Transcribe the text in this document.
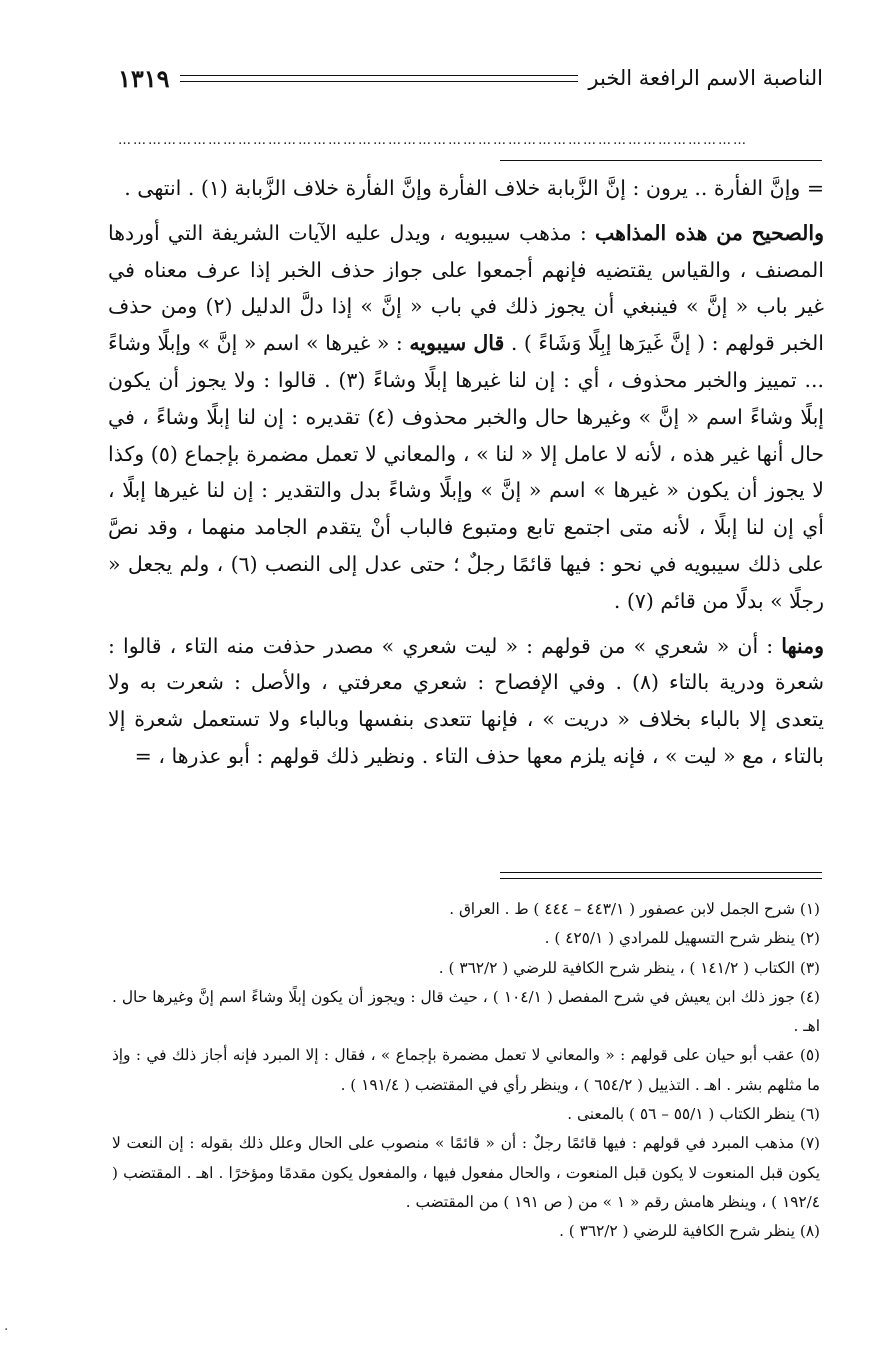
الناصبة الاسم الرافعة الخبر
١٣١٩
………………………………………………………………………………………………………………

= وإنَّ الفأرة .. يرون : إنَّ الزَّبابة خلاف الفأرة وإنَّ الفأرة خلاف الزَّبابة (١) . انتهى .

والصحيح من هذه المذاهب : مذهب سيبويه ، ويدل عليه الآيات الشريفة التي أوردها المصنف ، والقياس يقتضيه فإنهم أجمعوا على جواز حذف الخبر إذا عرف معناه في غير باب « إنَّ » فينبغي أن يجوز ذلك في باب « إنَّ » إذا دلَّ الدليل (٢) ومن حذف الخبر قولهم : ( إنَّ غَيرَها إبِلًا وَشَاءً ) . قال سيبويه : « غيرها » اسم « إنَّ » وإبلًا وشاءً ... تمييز والخبر محذوف ، أي : إن لنا غيرها إبلًا وشاءً (٣) . قالوا : ولا يجوز أن يكون إبلًا وشاءً اسم « إنَّ » وغيرها حال والخبر محذوف (٤) تقديره : إن لنا إبلًا وشاءً ، في حال أنها غير هذه ، لأنه لا عامل إلا « لنا » ، والمعاني لا تعمل مضمرة بإجماع (٥) وكذا لا يجوز أن يكون « غيرها » اسم « إنَّ » وإبلًا وشاءً بدل والتقدير : إن لنا غيرها إبلًا ، أي إن لنا إبلًا ، لأنه متى اجتمع تابع ومتبوع فالباب أنْ يتقدم الجامد منهما ، وقد نصَّ على ذلك سيبويه في نحو : فيها قائمًا رجلٌ ؛ حتى عدل إلى النصب (٦) ، ولم يجعل « رجلًا » بدلًا من قائم (٧) .

ومنها : أن « شعري » من قولهم : « ليت شعري » مصدر حذفت منه التاء ، قالوا : شعرة ودرية بالتاء (٨) . وفي الإفصاح : شعري معرفتي ، والأصل : شعرت به ولا يتعدى إلا بالباء بخلاف « دريت » ، فإنها تتعدى بنفسها وبالباء ولا تستعمل شعرة إلا بالتاء ، مع « ليت » ، فإنه يلزم معها حذف التاء . ونظير ذلك قولهم : أبو عذرها ، =

(١) شرح الجمل لابن عصفور ( ٤٤٣/١ – ٤٤٤ ) ط . العراق .

(٢) ينظر شرح التسهيل للمرادي ( ٤٢٥/١ ) .

(٣) الكتاب ( ١٤١/٢ ) ، ينظر شرح الكافية للرضي ( ٣٦٢/٢ ) .

(٤) جوز ذلك ابن يعيش في شرح المفصل ( ١٠٤/١ ) ، حيث قال : ويجوز أن يكون إبلًا وشاءً اسم إنَّ وغيرها حال . اهـ .

(٥) عقب أبو حيان على قولهم : « والمعاني لا تعمل مضمرة بإجماع » ، فقال : إلا المبرد فإنه أجاز ذلك في : وإذ ما مثلهم بشر . اهـ . التذييل ( ٦٥٤/٢ ) ، وينظر رأي في المقتضب ( ١٩١/٤ ) .

(٦) ينظر الكتاب ( ٥٥/١ – ٥٦ ) بالمعنى .

(٧) مذهب المبرد في قولهم : فيها قائمًا رجلٌ : أن « قائمًا » منصوب على الحال وعلل ذلك بقوله : إن النعت لا يكون قبل المنعوت لا يكون قبل المنعوت ، والحال مفعول فيها ، والمفعول يكون مقدمًا ومؤخرًا . اهـ . المقتضب ( ١٩٢/٤ ) ، وينظر هامش رقم « ١ » من ( ص ١٩١ ) من المقتضب .

(٨) ينظر شرح الكافية للرضي ( ٣٦٢/٢ ) .

·
